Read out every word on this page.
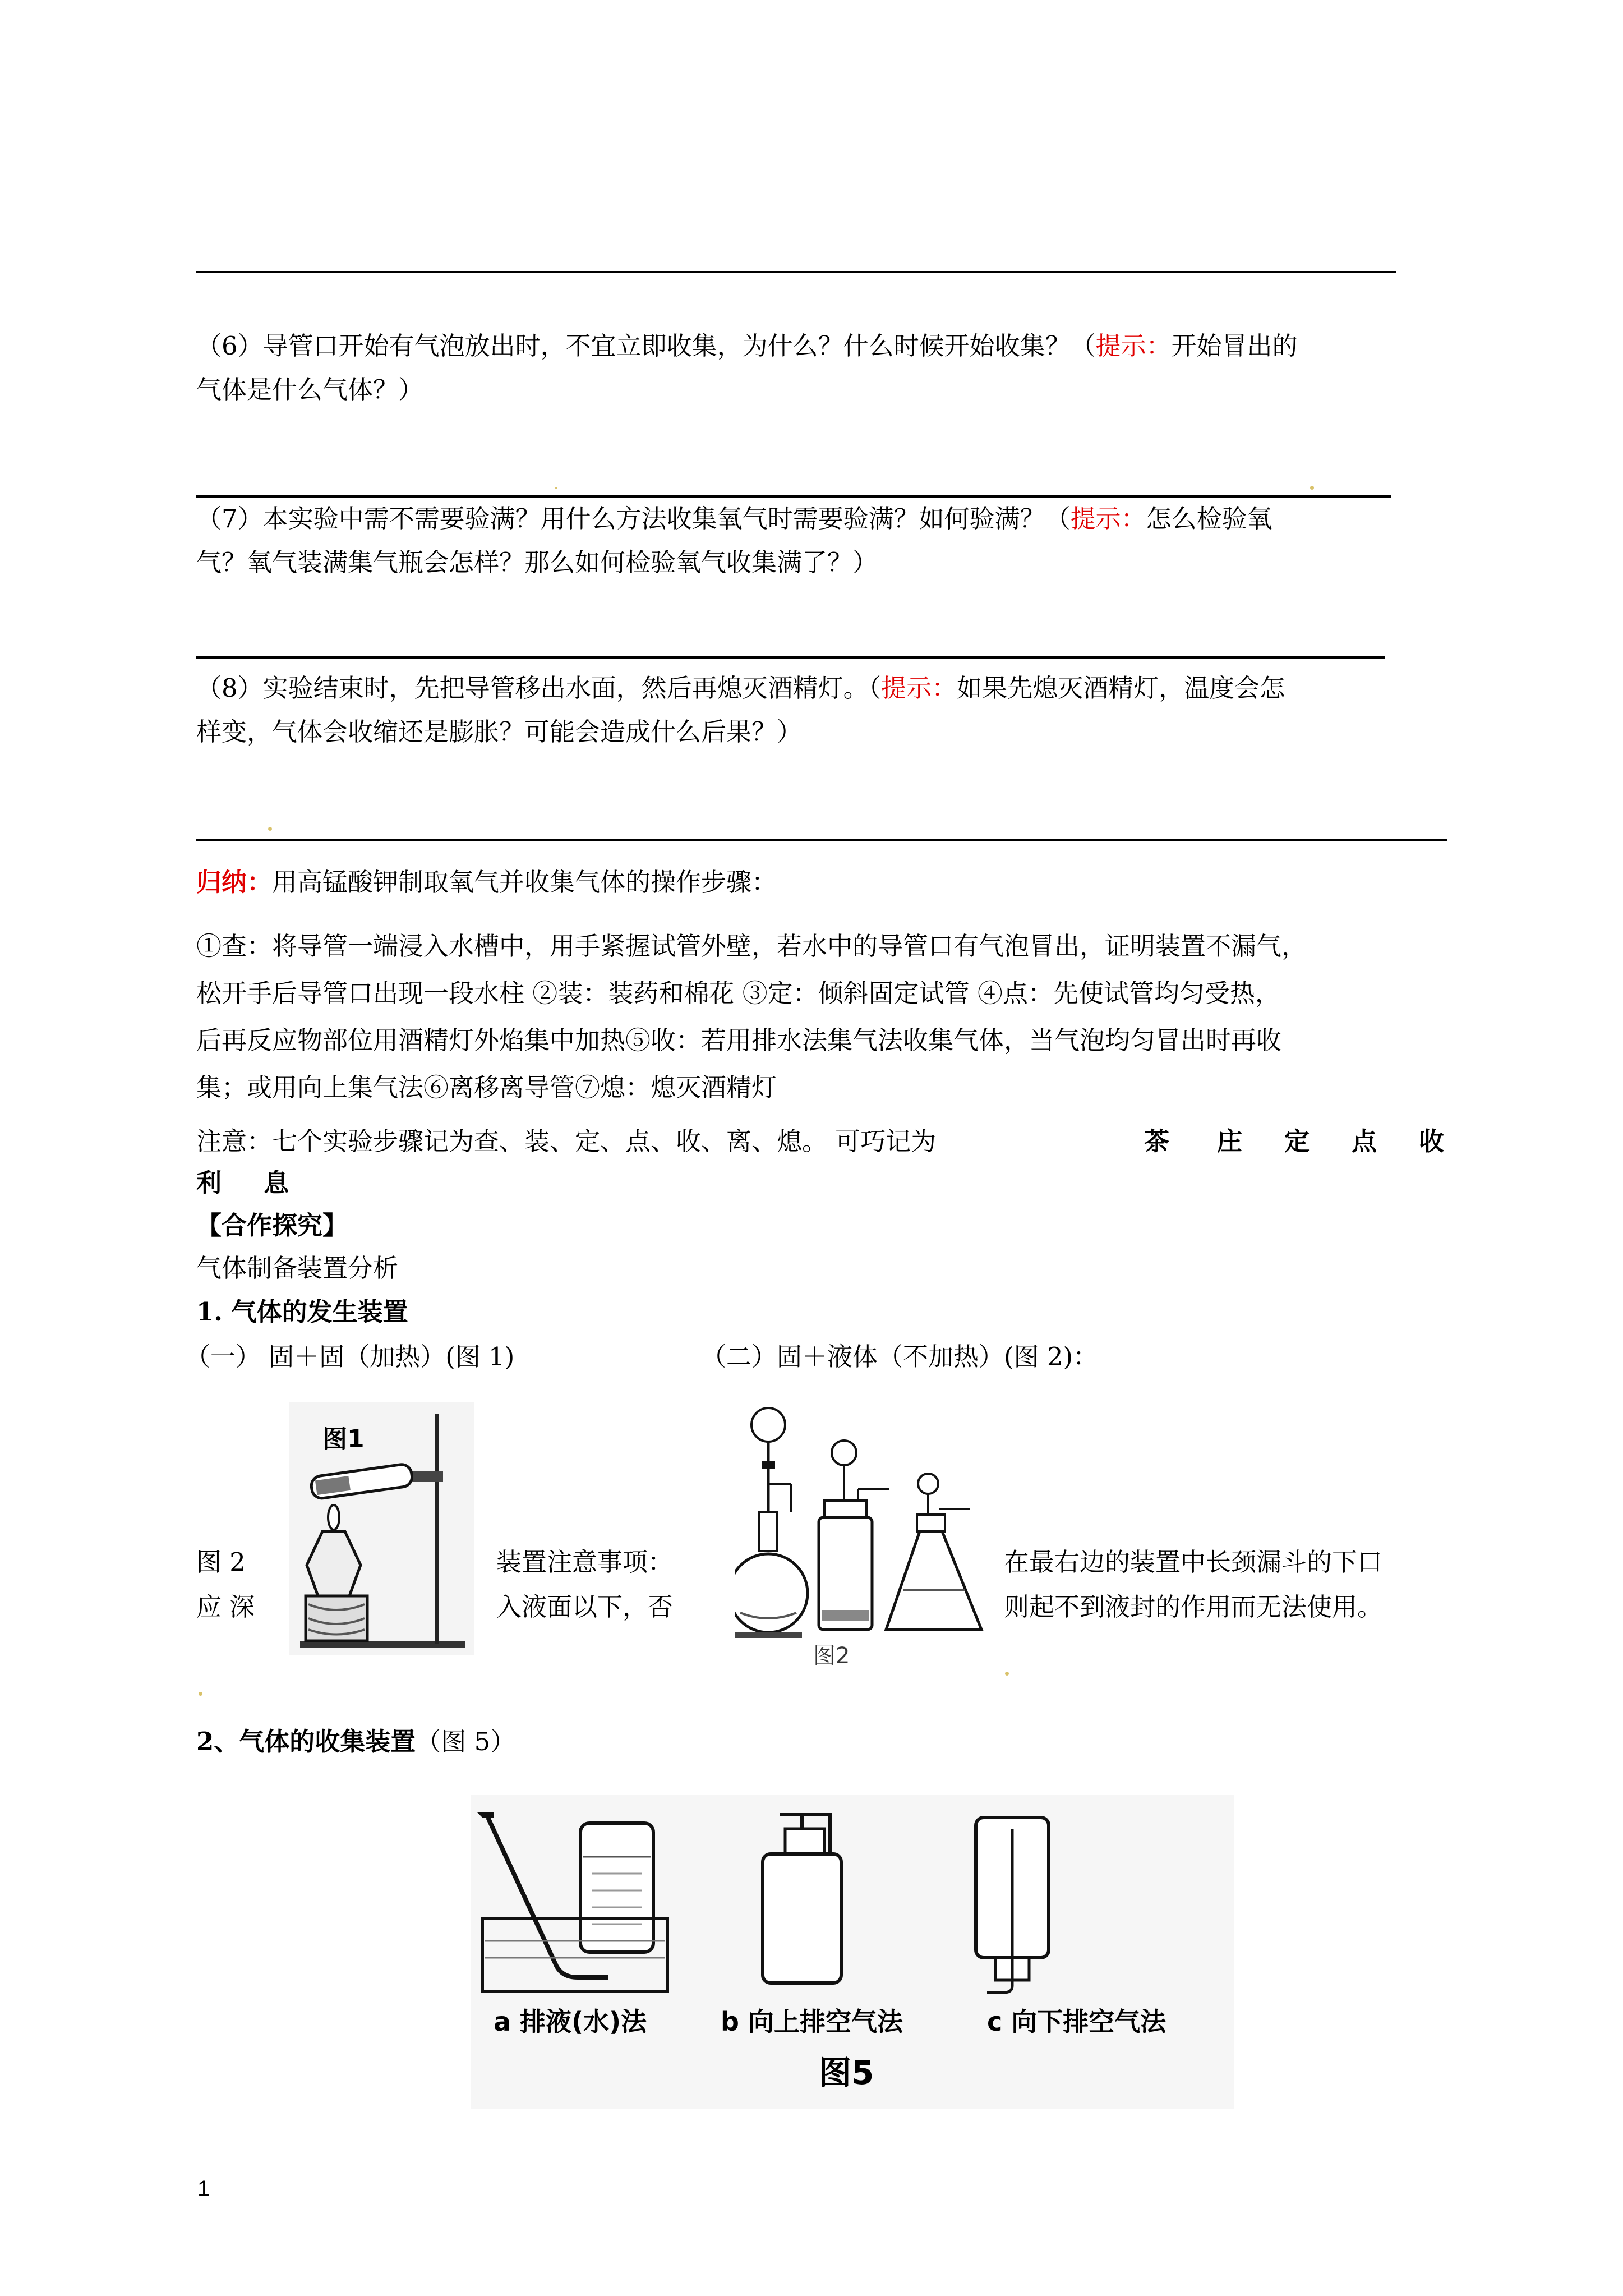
（6）导管口开始有气泡放出时，不宜立即收集，为什么？什么时候开始收集？（提示：开始冒出的
气体是什么气体？）
（7）本实验中需不需要验满？用什么方法收集氧气时需要验满？如何验满？（提示：怎么检验氧
气？氧气装满集气瓶会怎样？那么如何检验氧气收集满了？）
（8）实验结束时，先把导管移出水面，然后再熄灭酒精灯。（提示：如果先熄灭酒精灯，温度会怎
样变，气体会收缩还是膨胀？可能会造成什么后果？）
归纳：用高锰酸钾制取氧气并收集气体的操作步骤：
①查：将导管一端浸入水槽中，用手紧握试管外壁，若水中的导管口有气泡冒出，证明装置不漏气，
松开手后导管口出现一段水柱 ②装：装药和棉花 ③定：倾斜固定试管 ④点：先使试管均匀受热，
后再反应物部位用酒精灯外焰集中加热⑤收：若用排水法集气法收集气体，当气泡均匀冒出时再收
集；或用向上集气法⑥离移离导管⑦熄：熄灭酒精灯
注意：七个实验步骤记为查、装、定、点、收、离、熄。 可巧记为	茶 庄 定 点 收
利 息
【合作探究】
气体制备装置分析
1. 气体的发生装置
（一） 固＋固（加热）(图 1)	（二）固＋液体（不加热）(图 2)：
图1
图2
图 2
应 深
装置注意事项：
入液面以下，否
在最右边的装置中长颈漏斗的下口
则起不到液封的作用而无法使用。
2、气体的收集装置（图 5）
a 排液(水)法	b 向上排空气法	c 向下排空气法
图5
1
